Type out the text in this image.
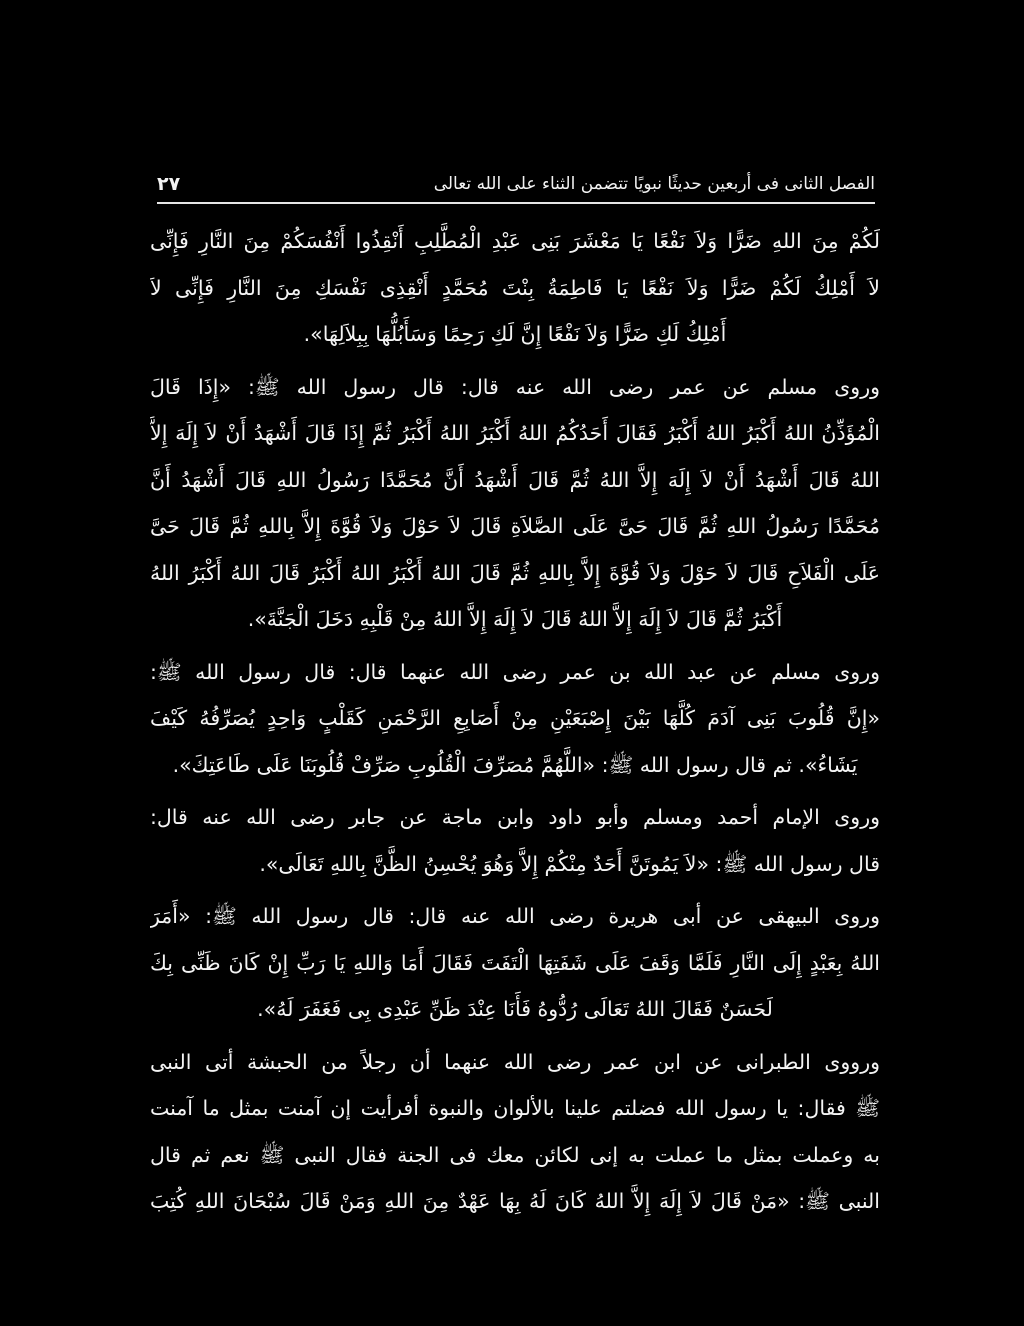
٢٧	الفصل الثانى فى أربعين حديثًا نبويًا تتضمن الثناء على الله تعالى
لَكُمْ مِنَ اللهِ ضَرًّا وَلاَ نَفْعًا يَا مَعْشَرَ بَنِى عَبْدِ الْمُطَّلِبِ أَنْقِذُوا أَنْفُسَكُمْ مِنَ النَّارِ فَإِنِّى
لاَ أَمْلِكُ لَكُمْ ضَرًّا وَلاَ نَفْعًا يَا فَاطِمَةُ بِنْتَ مُحَمَّدٍ أَنْقِذِى نَفْسَكِ مِنَ النَّارِ فَإِنِّى لاَ
أَمْلِكُ لَكِ ضَرًّا وَلاَ نَفْعًا إِنَّ لَكِ رَحِمًا وَسَأَبُلُّهَا بِبِلاَلِهَا».
وروى مسلم عن عمر رضى الله عنه قال: قال رسول الله ﷺ: «إِذَا قَالَ
الْمُؤَذِّنُ اللهُ أَكْبَرُ اللهُ أَكْبَرُ فَقَالَ أَحَدُكُمُ اللهُ أَكْبَرُ اللهُ أَكْبَرُ ثُمَّ إِذَا قَالَ أَشْهَدُ أَنْ لاَ إِلَهَ إِلاَّ
اللهُ قَالَ أَشْهَدُ أَنْ لاَ إِلَهَ إِلاَّ اللهُ ثُمَّ قَالَ أَشْهَدُ أَنَّ مُحَمَّدًا رَسُولُ اللهِ قَالَ أَشْهَدُ أَنَّ
مُحَمَّدًا رَسُولُ اللهِ ثُمَّ قَالَ حَىَّ عَلَى الصَّلاَةِ قَالَ لاَ حَوْلَ وَلاَ قُوَّةَ إِلاَّ بِاللهِ ثُمَّ قَالَ حَىَّ
عَلَى الْفَلاَحِ قَالَ لاَ حَوْلَ وَلاَ قُوَّةَ إِلاَّ بِاللهِ ثُمَّ قَالَ اللهُ أَكْبَرُ اللهُ أَكْبَرُ قَالَ اللهُ أَكْبَرُ اللهُ
أَكْبَرُ ثُمَّ قَالَ لاَ إِلَهَ إِلاَّ اللهُ قَالَ لاَ إِلَهَ إِلاَّ اللهُ مِنْ قَلْبِهِ دَخَلَ الْجَنَّةَ».
وروى مسلم عن عبد الله بن عمر رضى الله عنهما قال: قال رسول الله ﷺ:
«إِنَّ قُلُوبَ بَنِى آدَمَ كُلَّهَا بَيْنَ إِصْبَعَيْنِ مِنْ أَصَابِعِ الرَّحْمَنِ كَقَلْبٍ وَاحِدٍ يُصَرِّفُهُ كَيْفَ
يَشَاءُ». ثم قال رسول الله ﷺ: «اللَّهُمَّ مُصَرِّفَ الْقُلُوبِ صَرِّفْ قُلُوبَنَا عَلَى طَاعَتِكَ».
وروى الإمام أحمد ومسلم وأبو داود وابن ماجة عن جابر رضى الله عنه قال:
قال رسول الله ﷺ: «لاَ يَمُوتَنَّ أَحَدٌ مِنْكُمْ إِلاَّ وَهُوَ يُحْسِنُ الظَّنَّ بِاللهِ تَعَالَى».
وروى البيهقى عن أبى هريرة رضى الله عنه قال: قال رسول الله ﷺ: «أَمَرَ
اللهُ بِعَبْدٍ إِلَى النَّارِ فَلَمَّا وَقَفَ عَلَى شَفَتِهَا الْتَفَتَ فَقَالَ أَمَا وَاللهِ يَا رَبِّ إِنْ كَانَ ظَنِّى بِكَ
لَحَسَنٌ فَقَالَ اللهُ تَعَالَى رُدُّوهُ فَأَنَا عِنْدَ ظَنِّ عَبْدِى بِى فَغَفَرَ لَهُ».
ورووى الطبرانى عن ابن عمر رضى الله عنهما أن رجلاً من الحبشة أتى النبى
ﷺ فقال: يا رسول الله فضلتم علينا بالألوان والنبوة أفرأيت إن آمنت بمثل ما آمنت
به وعملت بمثل ما عملت به إنى لكائن معك فى الجنة فقال النبى ﷺ نعم ثم قال
النبى ﷺ: «مَنْ قَالَ لاَ إِلَهَ إِلاَّ اللهُ كَانَ لَهُ بِهَا عَهْدٌ مِنَ اللهِ وَمَنْ قَالَ سُبْحَانَ اللهِ كُتِبَ
